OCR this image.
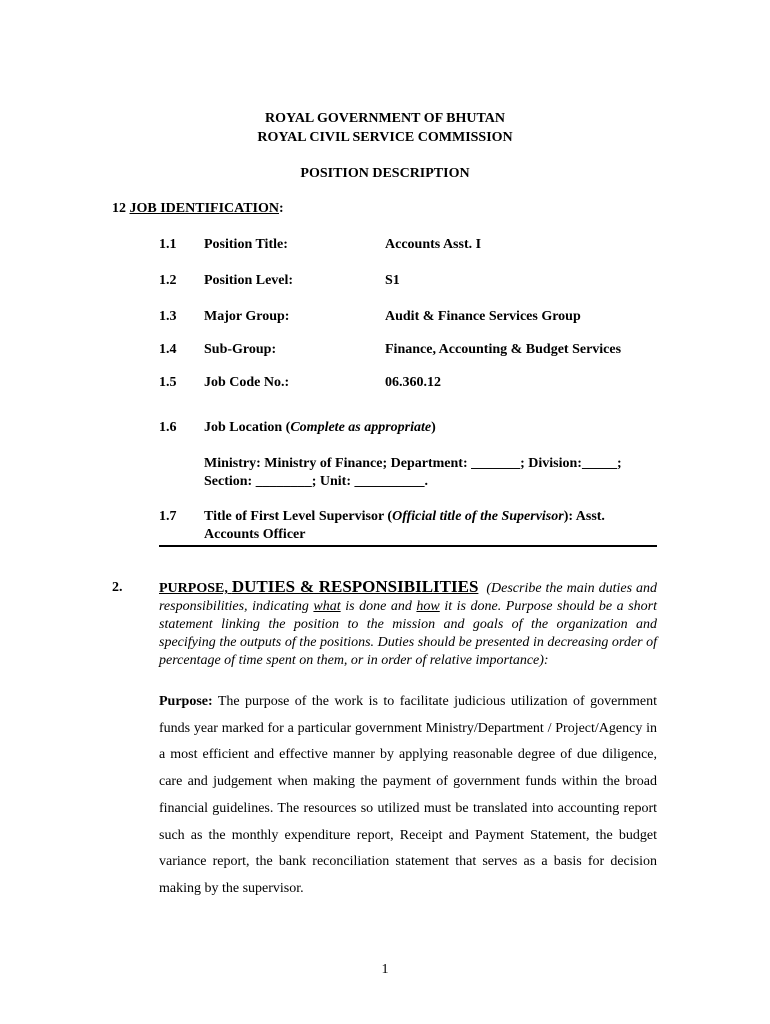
ROYAL GOVERNMENT OF BHUTAN
ROYAL CIVIL SERVICE COMMISSION
POSITION DESCRIPTION
12 JOB IDENTIFICATION:
1.1 Position Title:	Accounts Asst. I
1.2 Position Level:	S1
1.3 Major Group:	Audit & Finance Services Group
1.4 Sub-Group:	Finance, Accounting & Budget Services
1.5 Job Code No.:	06.360.12
1.6 Job Location (Complete as appropriate)
Ministry: Ministry of Finance; Department: _______; Division:_____;
Section: ________; Unit: __________.
1.7 Title of First Level Supervisor (Official title of the Supervisor): Asst.
Accounts Officer
2.	PURPOSE, DUTIES & RESPONSIBILITIES (Describe the main duties and responsibilities, indicating what is done and how it is done. Purpose should be a short statement linking the position to the mission and goals of the organization and specifying the outputs of the positions. Duties should be presented in decreasing order of percentage of time spent on them, or in order of relative importance):
Purpose: The purpose of the work is to facilitate judicious utilization of government funds year marked for a particular government Ministry/Department / Project/Agency in a most efficient and effective manner by applying reasonable degree of due diligence, care and judgement when making the payment of government funds within the broad financial guidelines. The resources so utilized must be translated into accounting report such as the monthly expenditure report, Receipt and Payment Statement, the budget variance report, the bank reconciliation statement that serves as a basis for decision making by the supervisor.
1
